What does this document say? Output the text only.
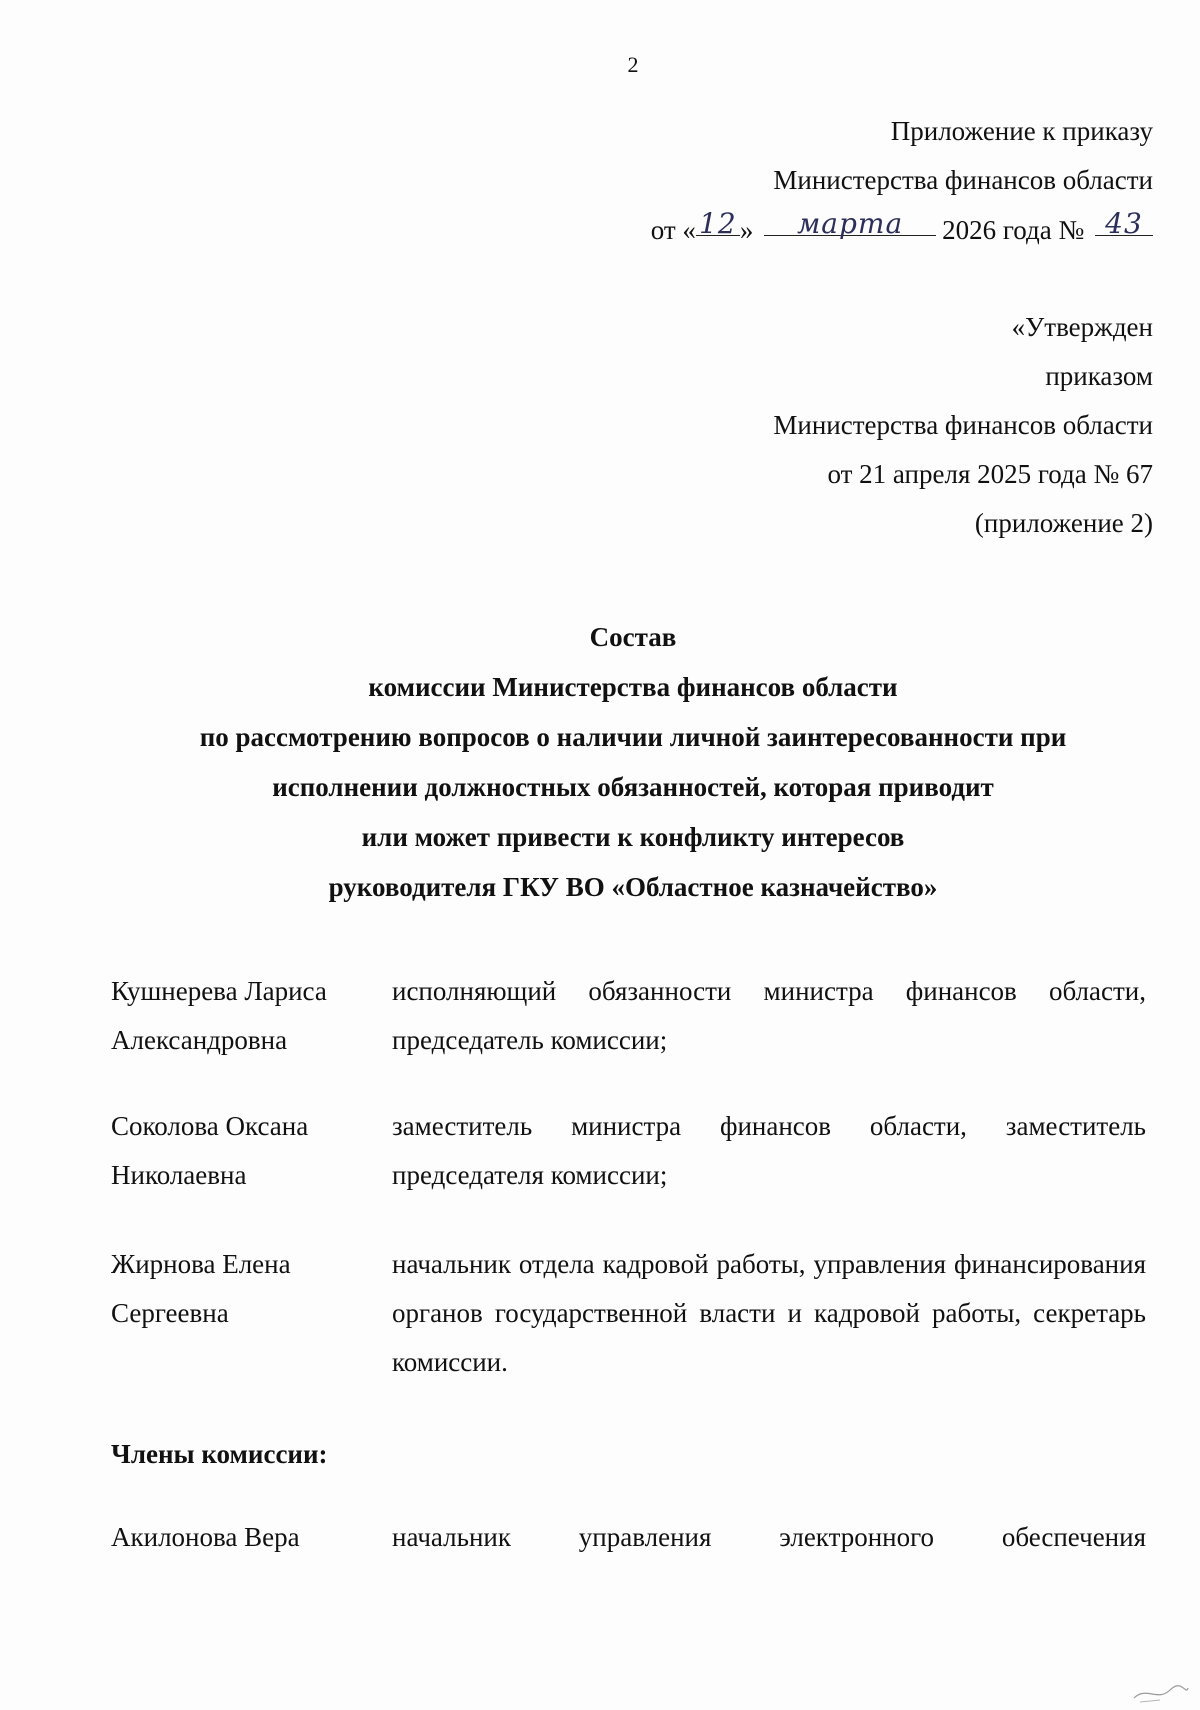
2
Приложение к приказу
Министерства финансов области
от « 12 » марта 2026 года № 43
«Утвержден
приказом
Министерства финансов области
от 21 апреля 2025 года № 67
(приложение 2)
Состав
комиссии Министерства финансов области
по рассмотрению вопросов о наличии личной заинтересованности при
исполнении должностных обязанностей, которая приводит
или может привести к конфликту интересов
руководителя ГКУ ВО «Областное казначейство»
Кушнерева Лариса
Александровна
исполняющий обязанности министра финансов области, председатель комиссии;
Соколова Оксана
Николаевна
заместитель министра финансов области, заместитель председателя комиссии;
Жирнова Елена
Сергеевна
начальник отдела кадровой работы, управления финансирования органов государственной власти и кадровой работы, секретарь комиссии.
Члены комиссии:
Акилонова Вера	начальник управления электронного обеспечения
